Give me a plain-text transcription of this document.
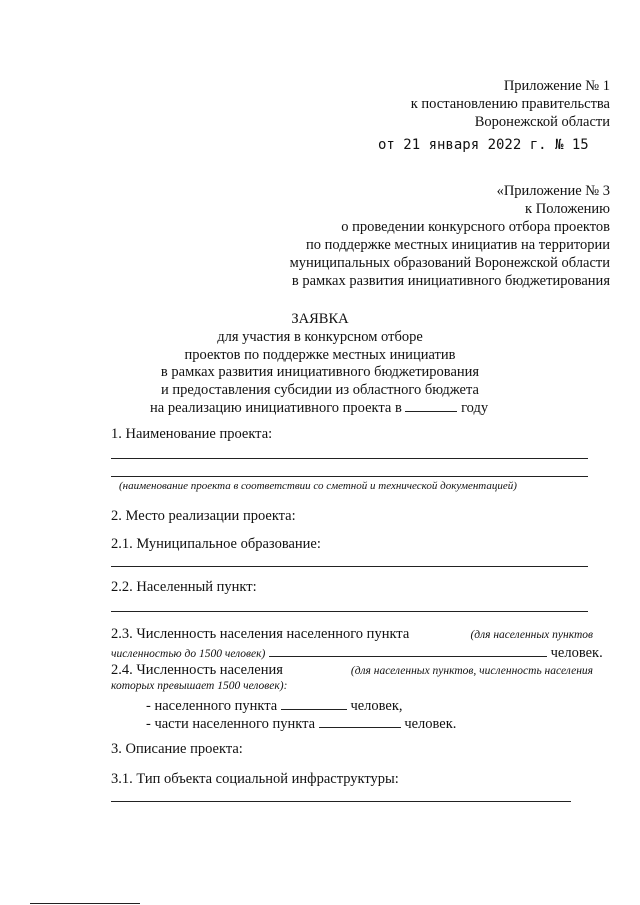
Приложение № 1
к постановлению правительства
Воронежской области
от 21 января 2022 г. № 15
«Приложение № 3
к Положению
о проведении конкурсного отбора проектов
по поддержке местных инициатив на территории
муниципальных образований Воронежской области
в рамках развития инициативного бюджетирования
ЗАЯВКА
для участия в конкурсном отборе
проектов по поддержке местных инициатив
в рамках развития инициативного бюджетирования
и предоставления субсидии из областного бюджета
на реализацию инициативного проекта в	году
1. Наименование проекта:
(наименование проекта в соответствии со сметной и технической документацией)
2. Место реализации проекта:
2.1. Муниципальное образование:
2.2. Населенный пункт:
2.3. Численность населения населенного пункта	(для населенных пунктов
численностью до 1500 человек)	человек.
2.4. Численность населения	(для населенных пунктов, численность населения
которых превышает 1500 человек):
- населенного пункта	человек,
- части населенного пункта	человек.
3. Описание проекта:
3.1. Тип объекта социальной инфраструктуры:
